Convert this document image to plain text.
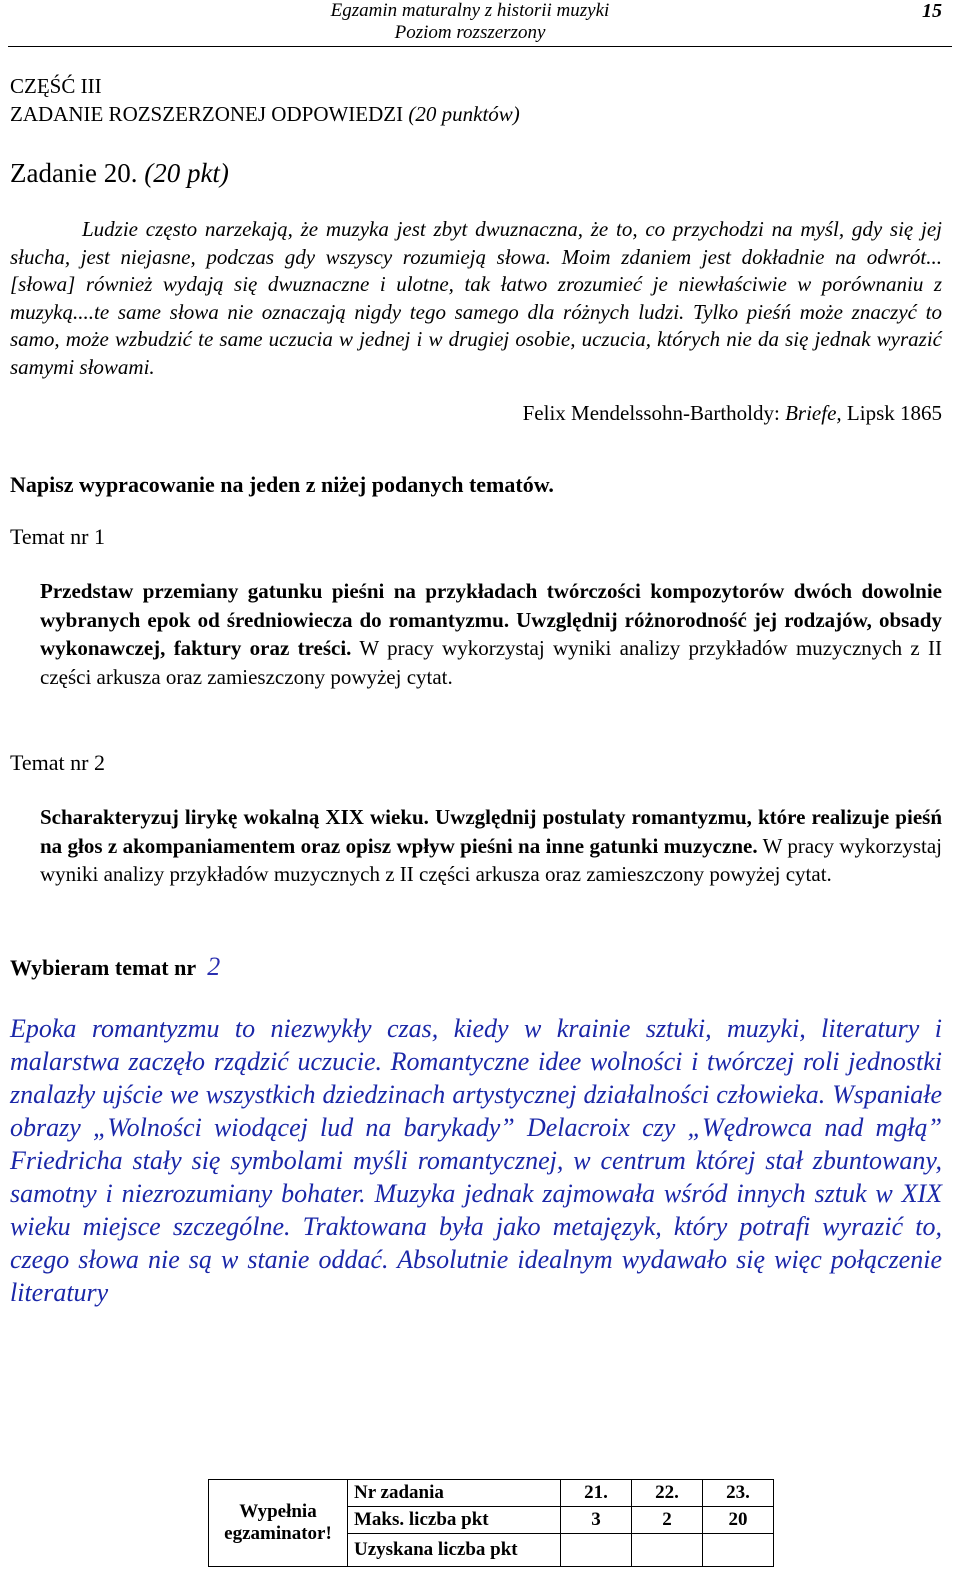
Egzamin maturalny z historii muzyki
Poziom rozszerzony
15

CZĘŚĆ III

ZADANIE ROZSZERZONEJ ODPOWIEDZI (20 punktów)

Zadanie 20. (20 pkt)

Ludzie często narzekają, że muzyka jest zbyt dwuznaczna, że to, co przychodzi na myśl, gdy się jej słucha, jest niejasne, podczas gdy wszyscy rozumieją słowa. Moim zdaniem jest dokładnie na odwrót... [słowa] również wydają się dwuznaczne i ulotne, tak łatwo zrozumieć je niewłaściwie w porównaniu z muzyką....te same słowa nie oznaczają nigdy tego samego dla różnych ludzi. Tylko pieśń może znaczyć to samo, może wzbudzić te same uczucia w jednej i w drugiej osobie, uczucia, których nie da się jednak wyrazić samymi słowami.

Felix Mendelssohn-Bartholdy: Briefe, Lipsk 1865

Napisz wypracowanie na jeden z niżej podanych tematów.

Temat nr 1

Przedstaw przemiany gatunku pieśni na przykładach twórczości kompozytorów dwóch dowolnie wybranych epok od średniowiecza do romantyzmu. Uwzględnij różnorodność jej rodzajów, obsady wykonawczej, faktury oraz treści. W pracy wykorzystaj wyniki analizy przykładów muzycznych z II części arkusza oraz zamieszczony powyżej cytat.

Temat nr 2

Scharakteryzuj lirykę wokalną XIX wieku. Uwzględnij postulaty romantyzmu, które realizuje pieśń na głos z akompaniamentem oraz opisz wpływ pieśni na inne gatunki muzyczne. W pracy wykorzystaj wyniki analizy przykładów muzycznych z II części arkusza oraz zamieszczony powyżej cytat.

Wybieram temat nr 2

Epoka romantyzmu to niezwykły czas, kiedy w krainie sztuki, muzyki, literatury i malarstwa zaczęło rządzić uczucie. Romantyczne idee wolności i twórczej roli jednostki znalazły ujście we wszystkich dziedzinach artystycznej działalności człowieka. Wspaniałe obrazy „Wolności wiodącej lud na barykady” Delacroix czy „Wędrowca nad mgłą” Friedricha stały się symbolami myśli romantycznej, w centrum której stał zbuntowany, samotny i niezrozumiany bohater. Muzyka jednak zajmowała wśród innych sztuk w XIX wieku miejsce szczególne. Traktowana była jako metajęzyk, który potrafi wyrazić to, czego słowa nie są w stanie oddać. Absolutnie idealnym wydawało się więc połączenie literatury

Wypełnia egzaminator!	Nr zadania	21.	22.	23.
	Maks. liczba pkt	3	2	20
	Uzyskana liczba pkt			
